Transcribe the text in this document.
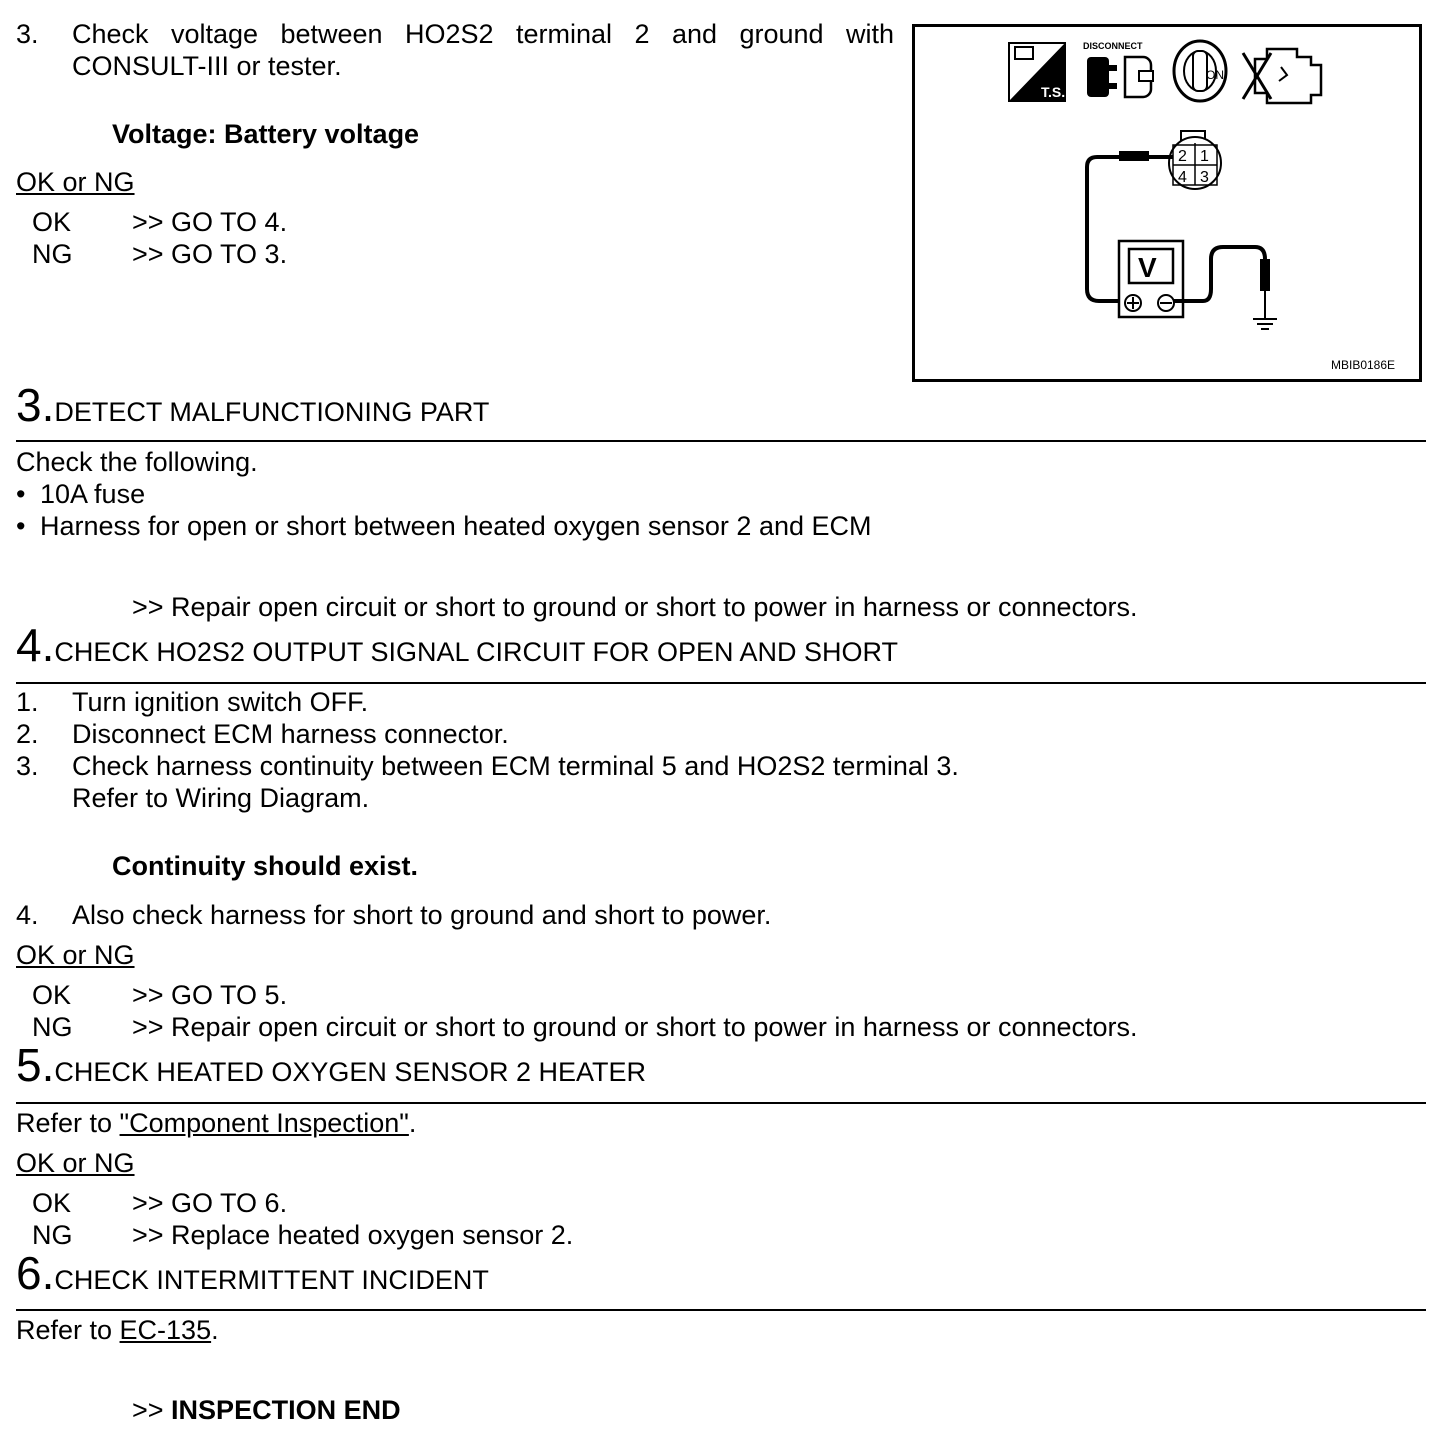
3. Check voltage between HO2S2 terminal 2 and ground with
CONSULT-III or tester.
Voltage: Battery voltage
OK or NG
OK >> GO TO 4.
NG >> GO TO 3.
T.S.
DISCONNECT
ON
2 1
4 3
V
MBIB0186E
3.DETECT MALFUNCTIONING PART
Check the following.
• 10A fuse
• Harness for open or short between heated oxygen sensor 2 and ECM
>> Repair open circuit or short to ground or short to power in harness or connectors.
4.CHECK HO2S2 OUTPUT SIGNAL CIRCUIT FOR OPEN AND SHORT
1. Turn ignition switch OFF.
2. Disconnect ECM harness connector.
3. Check harness continuity between ECM terminal 5 and HO2S2 terminal 3.
Refer to Wiring Diagram.
Continuity should exist.
4. Also check harness for short to ground and short to power.
OK or NG
OK >> GO TO 5.
NG >> Repair open circuit or short to ground or short to power in harness or connectors.
5.CHECK HEATED OXYGEN SENSOR 2 HEATER
Refer to "Component Inspection".
OK or NG
OK >> GO TO 6.
NG >> Replace heated oxygen sensor 2.
6.CHECK INTERMITTENT INCIDENT
Refer to EC-135.
>> INSPECTION END
